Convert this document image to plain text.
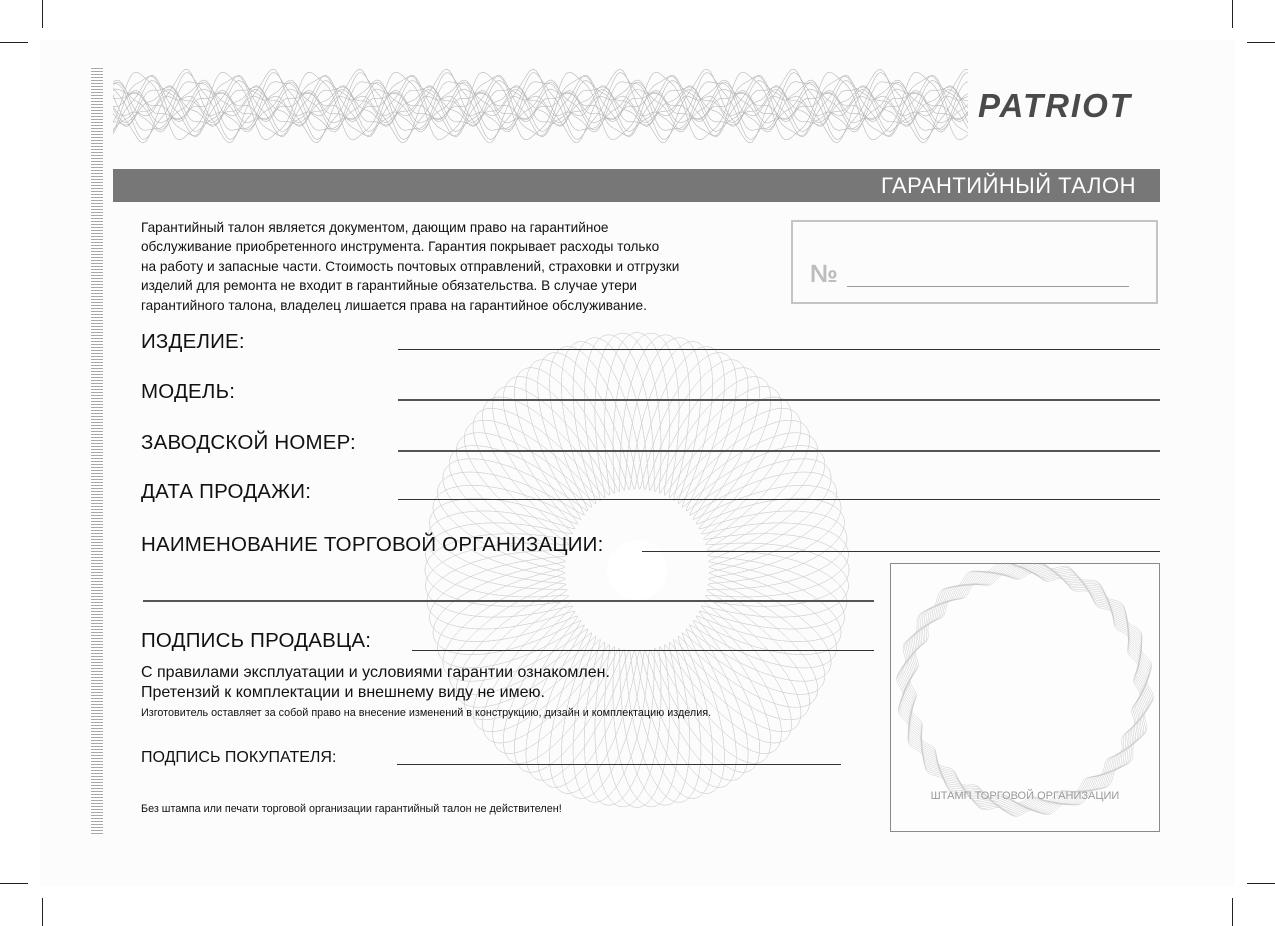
PATRIOT
ГАРАНТИЙНЫЙ ТАЛОН

Гарантийный талон является документом, дающим право на гарантийное
обслуживание приобретенного инструмента. Гарантия покрывает расходы только
на работу и запасные части. Стоимость почтовых отправлений, страховки и отгрузки
изделий для ремонта не входит в гарантийные обязательства. В случае утери
гарантийного талона, владелец лишается права на гарантийное обслуживание.

№
ИЗДЕЛИЕ:
МОДЕЛЬ:
ЗАВОДСКОЙ НОМЕР:
ДАТА ПРОДАЖИ:
НАИМЕНОВАНИЕ ТОРГОВОЙ ОРГАНИЗАЦИИ:
ПОДПИСЬ ПРОДАВЦА:

С правилами эксплуатации и условиями гарантии ознакомлен.
Претензий к комплектации и внешнему виду не имею.
Изготовитель оставляет за собой право на внесение изменений в конструкцию, дизайн и комплектацию изделия.

ПОДПИСЬ ПОКУПАТЕЛЯ:
Без штампа или печати торговой организации гарантийный талон не действителен!
ШТАМП ТОРГОВОЙ ОРГАНИЗАЦИИ
